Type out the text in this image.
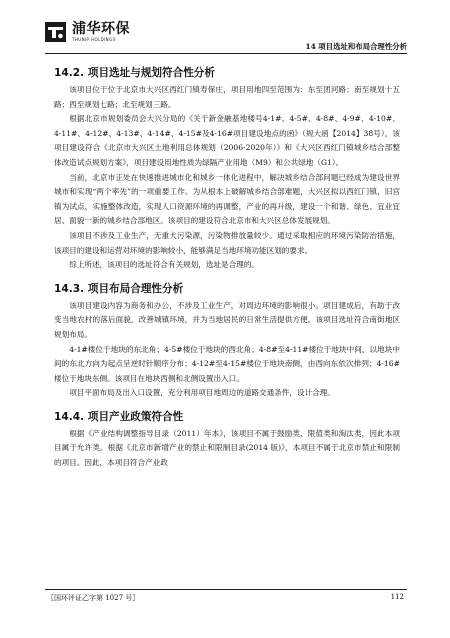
浦华环保
THUNIP HOLDINGS
14 项目选址和布局合理性分析
14.2. 项目选址与规划符合性分析

该项目位于位于北京市大兴区西红门镇寿保庄，项目用地四至范围为：东至团河路；南至规划十五路；西至规划七路；北至规划三路。

根据北京市规划委员会大兴分局的《关于新金融基地楼号4-1#、4-5#、4-8#、4-9#、4-10#、4-11#、4-12#、4-13#、4-14#、4-15#及4-16#项目建设地点的函》（规大函【2014】38号），该项目建设符合《北京市大兴区土地利用总体规划（2006-2020年）》和《大兴区西红门镇城乡结合部整体改造试点规划方案》，项目建设用地性质为绿隔产业用地（M9）和公共绿地（G1）。

当前，北京市正处在快速推进城市化和城乡一体化进程中，解决城乡结合部问题已经成为建设世界城市和实现“两个率先”的一项重要工作。为从根本上破解城乡结合部难题，大兴区拟以西红门镇、旧宫镇为试点，实施整体改造，实现人口资源环境的再调整，产业的再升级，建设一个和谐、绿色、宜业宜居、面貌一新的城乡结合部地区。该项目的建设符合北京市和大兴区总体发展规划。

该项目不涉及工业生产，无重大污染源，污染物排放量较少。通过采取相应的环境污染防治措施，该项目的建设和运营对环境的影响较小，能够满足当地环境功能区划的要求。

综上所述，该项目的选址符合有关规划，选址是合理的。

14.3. 项目布局合理性分析

该项目建设内容为商务和办公，不涉及工业生产，对周边环境的影响很小。项目建成后，有助于改变当地农村的落后面貌，改善城镇环境，并为当地居民的日常生活提供方便。该项目选址符合南街地区规划布局。

4-1#楼位于地块的东北角；4-5#楼位于地块的西北角；4-8#至4-11#楼位于地块中间，以地块中间的东北方向为起点呈逆时针顺序分布；4-12#至4-15#楼位于地块南侧，由西向东依次排列；4-16#楼位于地块东侧。该项目在地块西侧和北侧设置出入口。

项目平面布局及出入口设置，充分利用项目地周边的道路交通条件，设计合理。

14.4. 项目产业政策符合性

根据《产业结构调整指导目录（2011）年本》，该项目不属于鼓励类、限值类和淘汰类，因此本项目属于允许类。根据《北京市新增产业的禁止和限制目录(2014 版)》，本项目不属于北京市禁止和限制的项目。因此，本项目符合产业政

〖国环评证乙字第 1027 号〗	112
